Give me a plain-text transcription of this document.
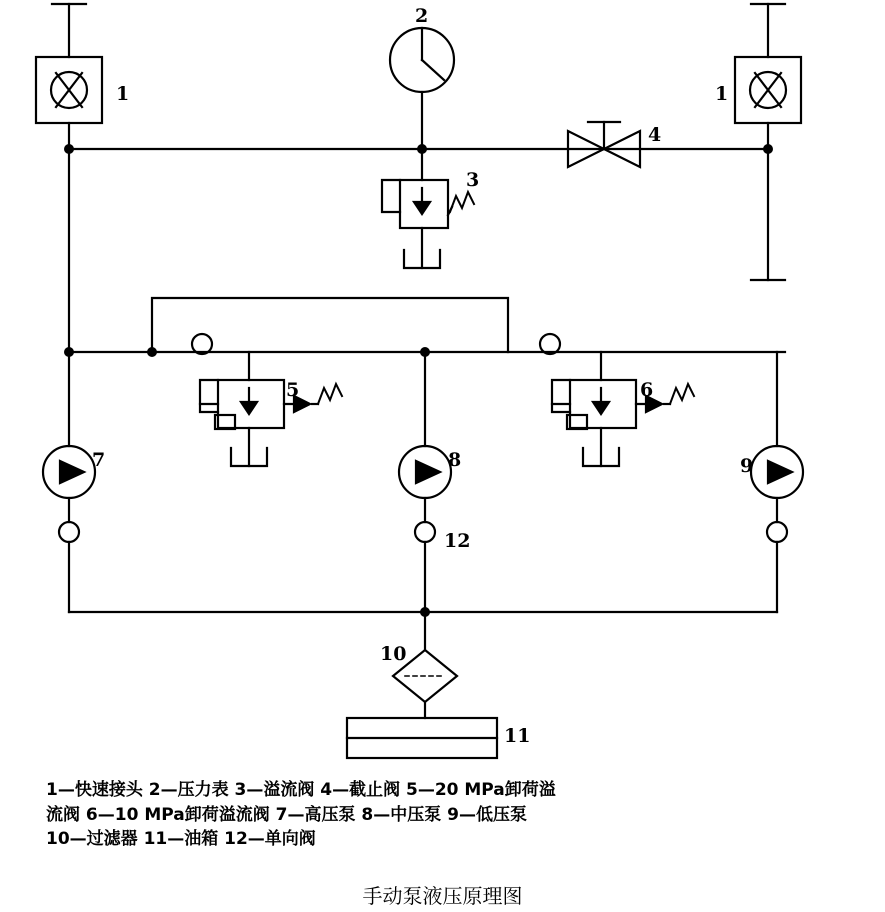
1	1
2
3
4
5	6
7	8	9
10
11
12
1—快速接头 2—压力表 3—溢流阀 4—截止阀 5—20 MPa卸荷溢
流阀 6—10 MPa卸荷溢流阀 7—高压泵 8—中压泵 9—低压泵
10—过滤器 11—油箱 12—单向阀
手动泵液压原理图
